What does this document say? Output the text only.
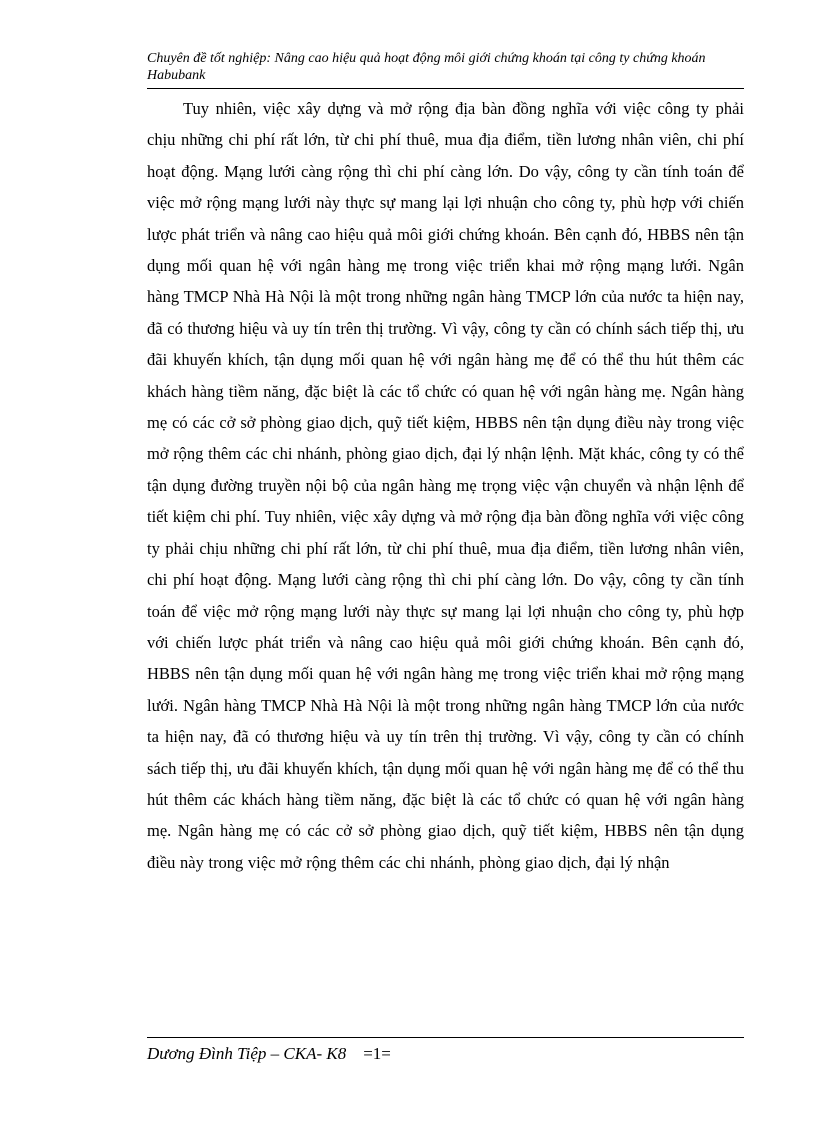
Chuyên đề tốt nghiệp: Nâng cao hiệu quả hoạt động môi giới chứng khoán tại công ty chứng khoán Habubank

Tuy nhiên, việc xây dựng và mở rộng địa bàn đồng nghĩa với việc công ty phải chịu những chi phí rất lớn, từ chi phí thuê, mua địa điểm, tiền lương nhân viên, chi phí hoạt động. Mạng lưới càng rộng thì chi phí càng lớn. Do vậy, công ty cần tính toán để việc mở rộng mạng lưới này thực sự mang lại lợi nhuận cho công ty, phù hợp với chiến lược phát triển và nâng cao hiệu quả môi giới chứng khoán. Bên cạnh đó, HBBS nên tận dụng mối quan hệ với ngân hàng mẹ trong việc triển khai mở rộng mạng lưới. Ngân hàng TMCP Nhà Hà Nội là một trong những ngân hàng TMCP lớn của nước ta hiện nay, đã có thương hiệu và uy tín trên thị trường. Vì vậy, công ty cần có chính sách tiếp thị, ưu đãi khuyến khích, tận dụng mối quan hệ với ngân hàng mẹ để có thể thu hút thêm các khách hàng tiềm năng, đặc biệt là các tổ chức có quan hệ với ngân hàng mẹ. Ngân hàng mẹ có các cở sở phòng giao dịch, quỹ tiết kiệm, HBBS nên tận dụng điều này trong việc mở rộng thêm các chi nhánh, phòng giao dịch, đại lý nhận lệnh. Mặt khác, công ty có thể tận dụng đường truyền nội bộ của ngân hàng mẹ trọng việc vận chuyển và nhận lệnh để tiết kiệm chi phí. Tuy nhiên, việc xây dựng và mở rộng địa bàn đồng nghĩa với việc công ty phải chịu những chi phí rất lớn, từ chi phí thuê, mua địa điểm, tiền lương nhân viên, chi phí hoạt động. Mạng lưới càng rộng thì chi phí càng lớn. Do vậy, công ty cần tính toán để việc mở rộng mạng lưới này thực sự mang lại lợi nhuận cho công ty, phù hợp với chiến lược phát triển và nâng cao hiệu quả môi giới chứng khoán. Bên cạnh đó, HBBS nên tận dụng mối quan hệ với ngân hàng mẹ trong việc triển khai mở rộng mạng lưới. Ngân hàng TMCP Nhà Hà Nội là một trong những ngân hàng TMCP lớn của nước ta hiện nay, đã có thương hiệu và uy tín trên thị trường. Vì vậy, công ty cần có chính sách tiếp thị, ưu đãi khuyến khích, tận dụng mối quan hệ với ngân hàng mẹ để có thể thu hút thêm các khách hàng tiềm năng, đặc biệt là các tổ chức có quan hệ với ngân hàng mẹ. Ngân hàng mẹ có các cở sở phòng giao dịch, quỹ tiết kiệm, HBBS nên tận dụng điều này trong việc mở rộng thêm các chi nhánh, phòng giao dịch, đại lý nhận

Dương Đình Tiệp – CKA- K8 =1=
